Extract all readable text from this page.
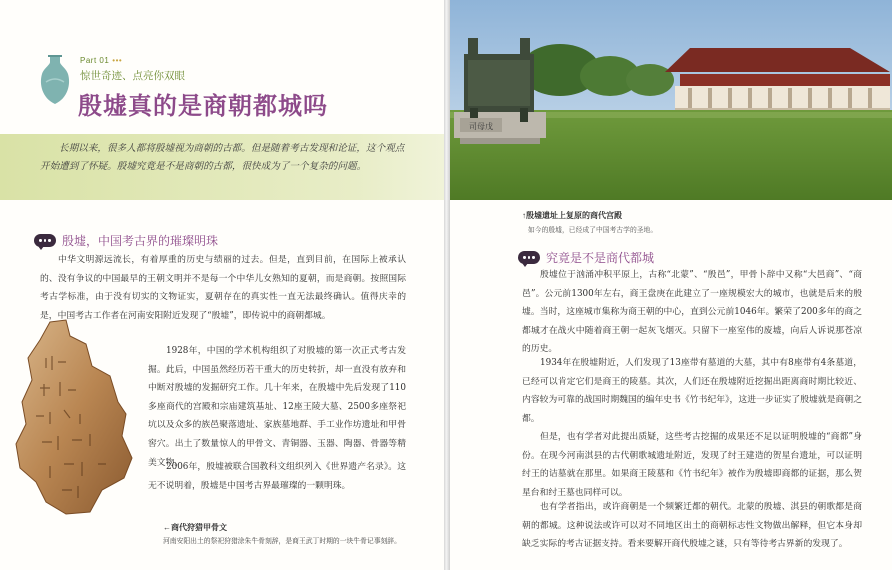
Part 01 •••
惊世奇迹、点亮你双眼
殷墟真的是商朝都城吗
长期以来，很多人都将殷墟视为商朝的古都。但是随着考古发现和论证，这个观点开始遭到了怀疑。殷墟究竟是不是商朝的古都，很快成为了一个复杂的问题。
殷墟，中国考古界的璀璨明珠
中华文明源远流长，有着厚重的历史与绩丽的过去。但是，直到目前，在国际上被承认的、没有争议的中国最早的王朝文明并不是每一个中华儿女熟知的夏朝，而是商朝。按照国际考古学标准，由于没有切实的文物证实，夏朝存在的真实性一直无法最终确认。值得庆幸的是，中国考古工作者在河南安阳附近发现了“殷墟”，即传说中的商朝都城。
1928年，中国的学术机构组织了对殷墟的第一次正式考古发掘。此后，中国虽然经历若干重大的历史转折，却一直没有放弃和中断对殷墟的发掘研究工作。几十年来，在殷墟中先后发现了110多座商代的宫殿和宗庙建筑基址、12座王陵大墓、2500多座祭祀坑以及众多的族邑聚落遗址、家族墓地群、手工业作坊遗址和甲骨窖穴。出土了数量惊人的甲骨文、青铜器、玉器、陶器、骨器等精美文物。
2006年，殷墟被联合国教科文组织列入《世界遗产名录》。这无不说明着，殷墟是中国考古界最璀璨的一颗明珠。
←商代狩猎甲骨文
河南安阳出土的祭祀狩猎涂朱牛骨刻辞，是商王武丁时期的一块牛骨记事刻辞。
司母戊
↑殷墟遗址上复原的商代宫殿
如今的殷墟，已经成了中国考古学的圣地。
究竟是不是商代都城
殷墟位于汹涌冲积平原上，古称“北蒙”、“殷邑”，甲骨卜辞中又称“大邑商”、“商邑”。公元前1300年左右，商王盘庚在此建立了一座规模宏大的城市，也就是后来的殷墟。当时，这座城市集称为商王朝的中心，直到公元前1046年。繁荣了200多年的商之都城才在战火中随着商王朝一起灰飞烟灭。只留下一座室伟的废墟，向后人诉说那苍凉的历史。
1934年在殷墟附近，人们发现了13座带有墓道的大墓，其中有8座带有4条墓道，已经可以肯定它们是商王的陵墓。其次，人们还在殷墟附近挖掘出距离商时期比较近、内容较为可靠的战国时期魏国的编年史书《竹书纪年》，这进一步证实了殷墟就是商朝之都。
但是，也有学者对此提出质疑，这些考古挖掘的成果还不足以证明殷墟的“商都”身份。在现今河南淇县的古代朝歌城遗址附近，发现了纣王建造的贺星台遗址，可以证明纣王的诘墓就在那里。如果商王陵墓和《竹书纪年》被作为殷墟即商都的证据，那么贺星台和纣王墓也同样可以。
也有学者指出，或许商朝是一个频繁迁都的朝代。北蒙的殷墟、淇县的朝歌都是商朝的都城。这种说法或许可以对不同地区出土的商朝标志性文物做出解释，但它本身却缺乏实际的考古证据支持。看来要解开商代殷墟之谜，只有等待考古界新的发现了。
